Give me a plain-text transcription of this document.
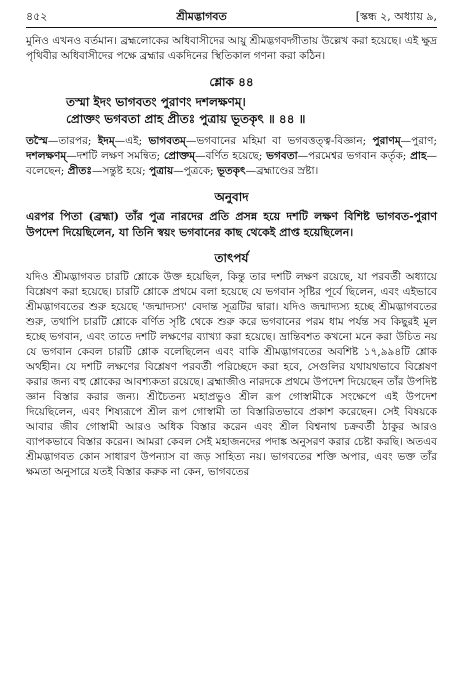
৪৫২	শ্রীমদ্ভাগবত	[স্কন্ধ ২, অধ্যায় ৯,

মুনিও এখনও বর্তমান। ব্রহ্মলোকের অধিবাসীদের আয়ু শ্রীমদ্ভগবদ্গীতায় উল্লেখ করা হয়েছে। এই ক্ষুদ্র পৃথিবীর অধিবাসীদের পক্ষে ব্রহ্মার একদিনের স্থিতিকাল গণনা করা কঠিন।

শ্লোক ৪৪
তস্মা ইদং ভাগবতং পুরাণং দশলক্ষণম্।
প্রোক্তং ভগবতা প্রাহ প্রীতঃ পুত্রায় ভূতকৃৎ ॥ ৪৪ ॥
তস্মৈ—তারপর; ইদম্—এই; ভাগবতম্—ভগবানের মহিমা বা ভগবত্তত্ত্ব-বিজ্ঞান; পুরাণম্—পুরাণ; দশলক্ষণম্—দশটি লক্ষণ সমন্বিত; প্রোক্তম্—বর্ণিত হয়েছে; ভগবতা—পরমেশ্বর ভগবান কর্তৃক; প্রাহ—বলেছেন; প্রীতঃ—সন্তুষ্ট হয়ে; পুত্রায়—পুত্রকে; ভূতকৃৎ—ব্রহ্মাণ্ডের স্রষ্টা।
অনুবাদ

এরপর পিতা (ব্রহ্মা) তাঁর পুত্র নারদের প্রতি প্রসন্ন হয়ে দশটি লক্ষণ বিশিষ্ট ভাগবত-পুরাণ উপদেশ দিয়েছিলেন, যা তিনি স্বয়ং ভগবানের কাছ থেকেই প্রাপ্ত হয়েছিলেন।

তাৎপর্য

যদিও শ্রীমদ্ভাগবত চারটি শ্লোকে উক্ত হয়েছিল, কিন্তু তার দশটি লক্ষণ রয়েছে, যা পরবর্তী অধ্যায়ে বিশ্লেষণ করা হয়েছে। চারটি শ্লোকে প্রথমে বলা হয়েছে যে ভগবান সৃষ্টির পূর্বে ছিলেন, এবং এইভাবে শ্রীমদ্ভাগবতের শুরু হয়েছে 'জন্মাদ্যস্য' বেদান্ত সূত্রটির দ্বারা। যদিও জন্মাদ্যস্য হচ্ছে শ্রীমদ্ভাগবতের শুরু, তথাপি চারটি শ্লোকে বর্ণিত সৃষ্টি থেকে শুরু করে ভগবানের পরম ধাম পর্যন্ত সব কিছুরই মূল হচ্ছে ভগবান, এবং তাতে দশটি লক্ষণের ব্যাখ্যা করা হয়েছে। ভ্রান্তিবশত কখনো মনে করা উচিত নয় যে ভগবান কেবল চারটি শ্লোক বলেছিলেন এবং বাকি শ্রীমদ্ভাগবতের অবশিষ্ট ১৭,৯৯৪টি শ্লোক অর্থহীন। যে দশটি লক্ষণের বিশ্লেষণ পরবর্তী পরিচ্ছেদে করা হবে, সেগুলির যথাযথভাবে বিশ্লেষণ করার জন্য বহু শ্লোকের আবশ্যকতা রয়েছে। ব্রহ্মাজীও নারদকে প্রথমে উপদেশ দিয়েছেন তাঁর উপদিষ্ট জ্ঞান বিস্তার করার জন্য। শ্রীচৈতন্য মহাপ্রভুও শ্রীল রূপ গোস্বামীকে সংক্ষেপে এই উপদেশ দিয়েছিলেন, এবং শিষ্যরূপে শ্রীল রূপ গোস্বামী তা বিস্তারিতভাবে প্রকাশ করেছেন। সেই বিষয়কে আবার জীব গোস্বামী আরও অধিক বিস্তার করেন এবং শ্রীল বিশ্বনাথ চক্রবর্তী ঠাকুর আরও ব্যাপকভাবে বিস্তার করেন। আমরা কেবল সেই মহাজনদের পদাঙ্ক অনুসরণ করার চেষ্টা করছি। অতএব শ্রীমদ্ভাগবত কোন সাধারণ উপন্যাস বা জড় সাহিত্য নয়। ভাগবতের শক্তি অপার, এবং ভক্ত তাঁর ক্ষমতা অনুসারে যতই বিস্তার করুক না কেন, ভাগবতের
